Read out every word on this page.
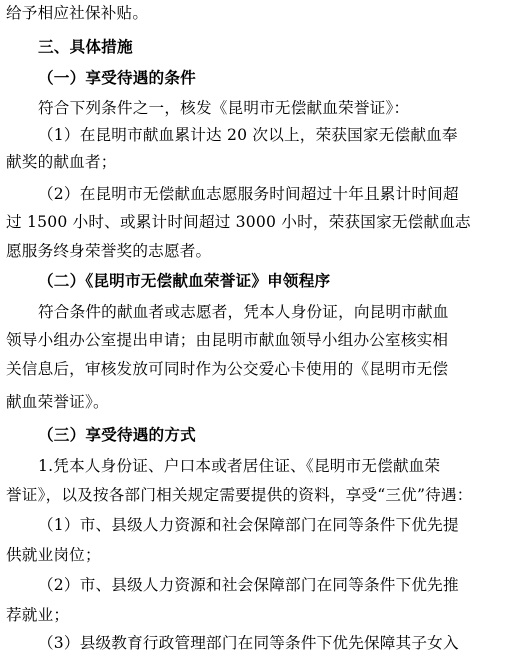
给予相应社保补贴。
三、具体措施
（一）享受待遇的条件
符合下列条件之一，核发《昆明市无偿献血荣誉证》：
（1）在昆明市献血累计达 20 次以上，荣获国家无偿献血奉
献奖的献血者；
（2）在昆明市无偿献血志愿服务时间超过十年且累计时间超
过 1500 小时、或累计时间超过 3000 小时，荣获国家无偿献血志
愿服务终身荣誉奖的志愿者。
（二）《昆明市无偿献血荣誉证》申领程序
符合条件的献血者或志愿者，凭本人身份证，向昆明市献血
领导小组办公室提出申请；由昆明市献血领导小组办公室核实相
关信息后，审核发放可同时作为公交爱心卡使用的《昆明市无偿
献血荣誉证》。
（三）享受待遇的方式
1.凭本人身份证、户口本或者居住证、《昆明市无偿献血荣
誉证》，以及按各部门相关规定需要提供的资料，享受“三优”待遇：
（1）市、县级人力资源和社会保障部门在同等条件下优先提
供就业岗位；
（2）市、县级人力资源和社会保障部门在同等条件下优先推
荐就业；
（3）县级教育行政管理部门在同等条件下优先保障其子女入
